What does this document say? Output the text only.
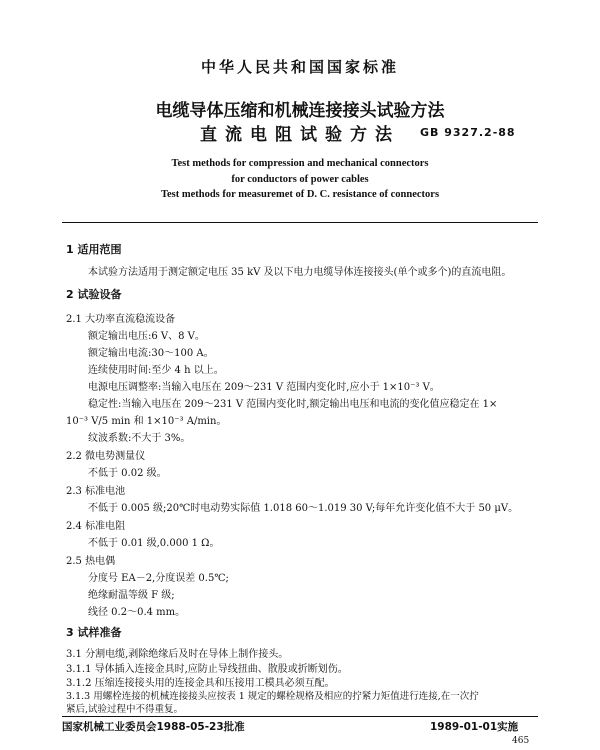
中华人民共和国国家标准
电缆导体压缩和机械连接接头试验方法
直流电阻试验方法	GB 9327.2-88
Test methods for compression and mechanical connectors
for conductors of power cables
Test methods for measuremet of D. C. resistance of connectors
1 适用范围
本试验方法适用于测定额定电压 35 kV 及以下电力电缆导体连接接头(单个或多个)的直流电阻。
2 试验设备
2.1 大功率直流稳流设备
额定输出电压:6 V、8 V。
额定输出电流:30～100 A。
连续使用时间:至少 4 h 以上。
电源电压调整率:当输入电压在 209～231 V 范围内变化时,应小于 1×10⁻³ V。
稳定性:当输入电压在 209～231 V 范围内变化时,额定输出电压和电流的变化值应稳定在 1×
10⁻³ V/5 min 和 1×10⁻³ A/min。
纹波系数:不大于 3%。
2.2 微电势测量仪
不低于 0.02 级。
2.3 标准电池
不低于 0.005 级;20℃时电动势实际值 1.018 60～1.019 30 V;每年允许变化值不大于 50 μV。
2.4 标准电阻
不低于 0.01 级,0.000 1 Ω。
2.5 热电偶
分度号 EA－2,分度误差 0.5℃;
绝缘耐温等级 F 级;
线径 0.2～0.4 mm。
3 试样准备
3.1 分割电缆,剥除绝缘后及时在导体上制作接头。
3.1.1 导体插入连接金具时,应防止导线扭曲、散股或折断划伤。
3.1.2 压缩连接接头用的连接金具和压接用工模具必须互配。
3.1.3 用螺栓连接的机械连接接头应按表 1 规定的螺栓规格及相应的拧紧力矩值进行连接,在一次拧
紧后,试验过程中不得重复。
国家机械工业委员会1988-05-23批准	1989-01-01实施
465
